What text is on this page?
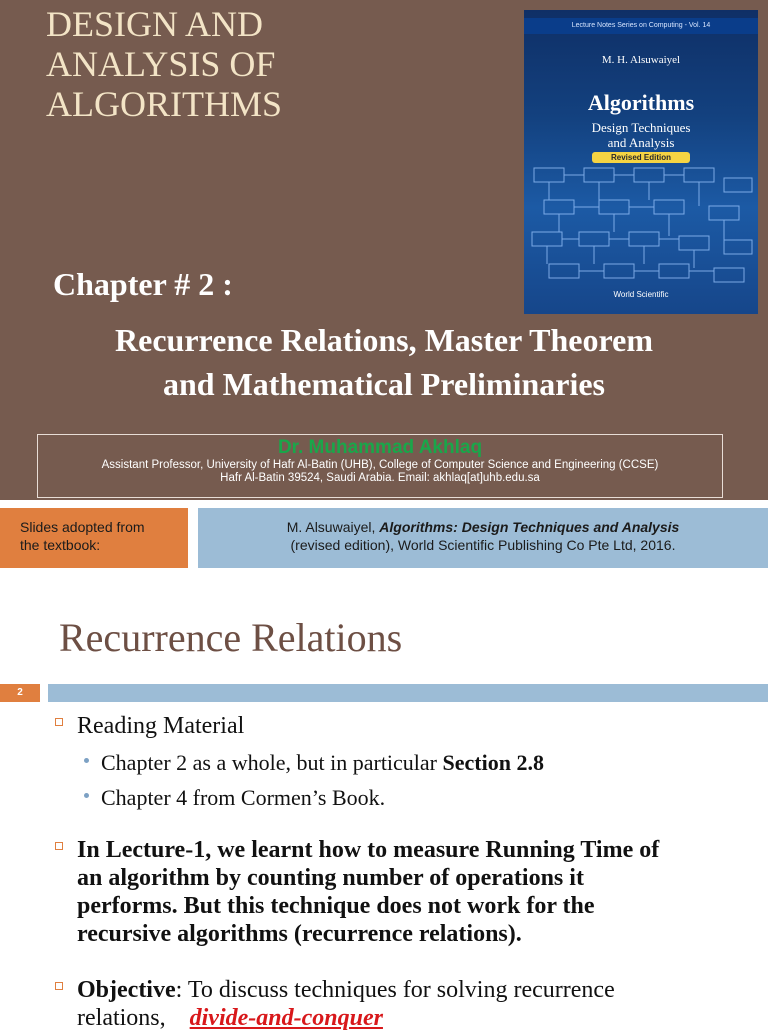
DESIGN AND
ANALYSIS OF
ALGORITHMS
Lecture Notes Series on Computing - Vol. 14
M. H. Alsuwaiyel
Algorithms
Design Techniques
and Analysis
Revised Edition
World Scientific
Chapter # 2 :
Recurrence Relations, Master Theorem
and Mathematical Preliminaries
Dr. Muhammad Akhlaq
Assistant Professor, University of Hafr Al-Batin (UHB), College of Computer Science and Engineering (CCSE)
Hafr Al-Batin 39524, Saudi Arabia. Email: akhlaq[at]uhb.edu.sa
Slides adopted from
the textbook:
M. Alsuwaiyel, Algorithms: Design Techniques and Analysis
(revised edition), World Scientific Publishing Co Pte Ltd, 2016.
Recurrence Relations
2
Reading Material
Chapter 2 as a whole, but in particular Section 2.8
Chapter 4 from Cormen’s Book.
In Lecture-1, we learnt how to measure Running Time of
an algorithm by counting number of operations it
performs. But this technique does not work for the
recursive algorithms (recurrence relations).
Objective: To discuss techniques for solving recurrence
relations, divide-and-conquer
